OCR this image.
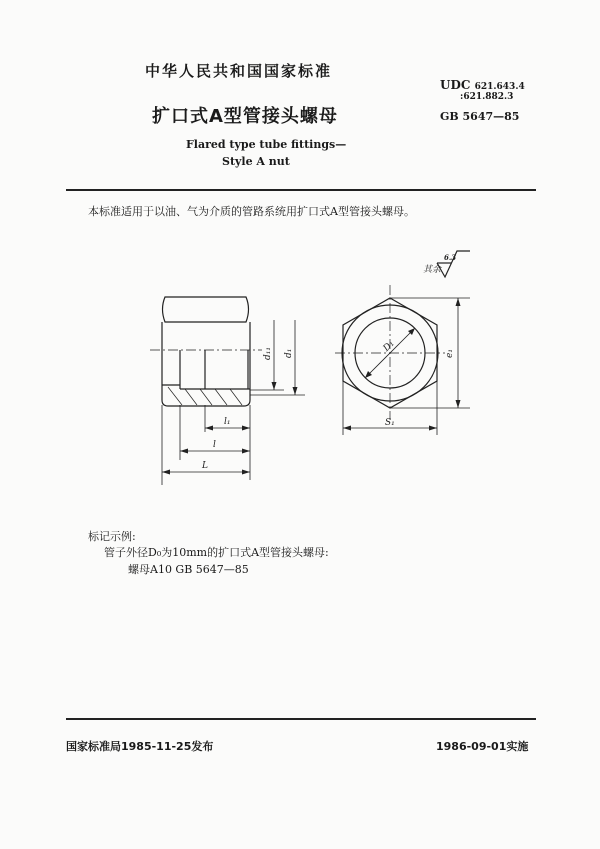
中华人民共和国国家标准
扩口式A型管接头螺母
Flared type tube fittings—
Style A nut
UDC 621.643.4
:621.882.3
GB 5647—85
本标准适用于以油、气为介质的管路系统用扩口式A型管接头螺母。
其余
6.3
d₁₁ d₁
l₁
l
L
D₁	e₁
S₁
标记示例:
管子外径D₀为10mm的扩口式A型管接头螺母:
螺母A10 GB 5647—85
国家标准局1985-11-25发布	1986-09-01实施
